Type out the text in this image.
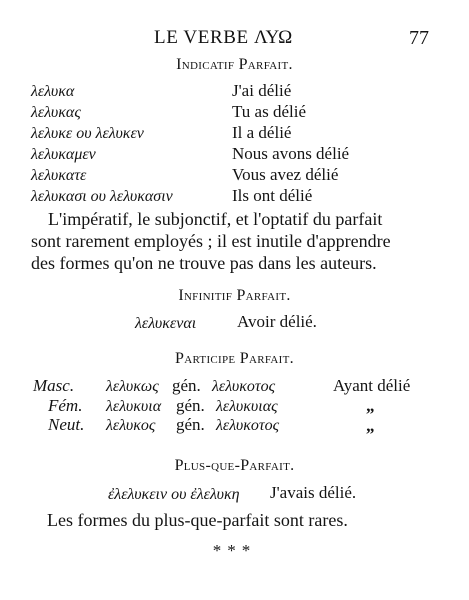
LE VERBE ΛΥΩ	77
Indicatif Parfait.
λελυκα	J'ai délié
λελυκας	Tu as délié
λελυκε ου λελυκεν	Il a délié
λελυκαμεν	Nous avons délié
λελυκατε	Vous avez délié
λελυκασι ου λελυκασιν	Ils ont délié
L'impératif, le subjonctif, et l'optatif du parfait
sont rarement employés ; il est inutile d'apprendre
des formes qu'on ne trouve pas dans les auteurs.
Infinitif Parfait.
λελυκεναι Avoir délié.
Participe Parfait.
Masc. λελυκως gén. λελυκοτος	Ayant délié
Fém. λελυκυια gén. λελυκυιας	„
Neut. λελυκος gén. λελυκοτος	„
Plus-que-Parfait.
ἐλελυκειν ου ἐλελυκη J'avais délié.
Les formes du plus-que-parfait sont rares.
***
